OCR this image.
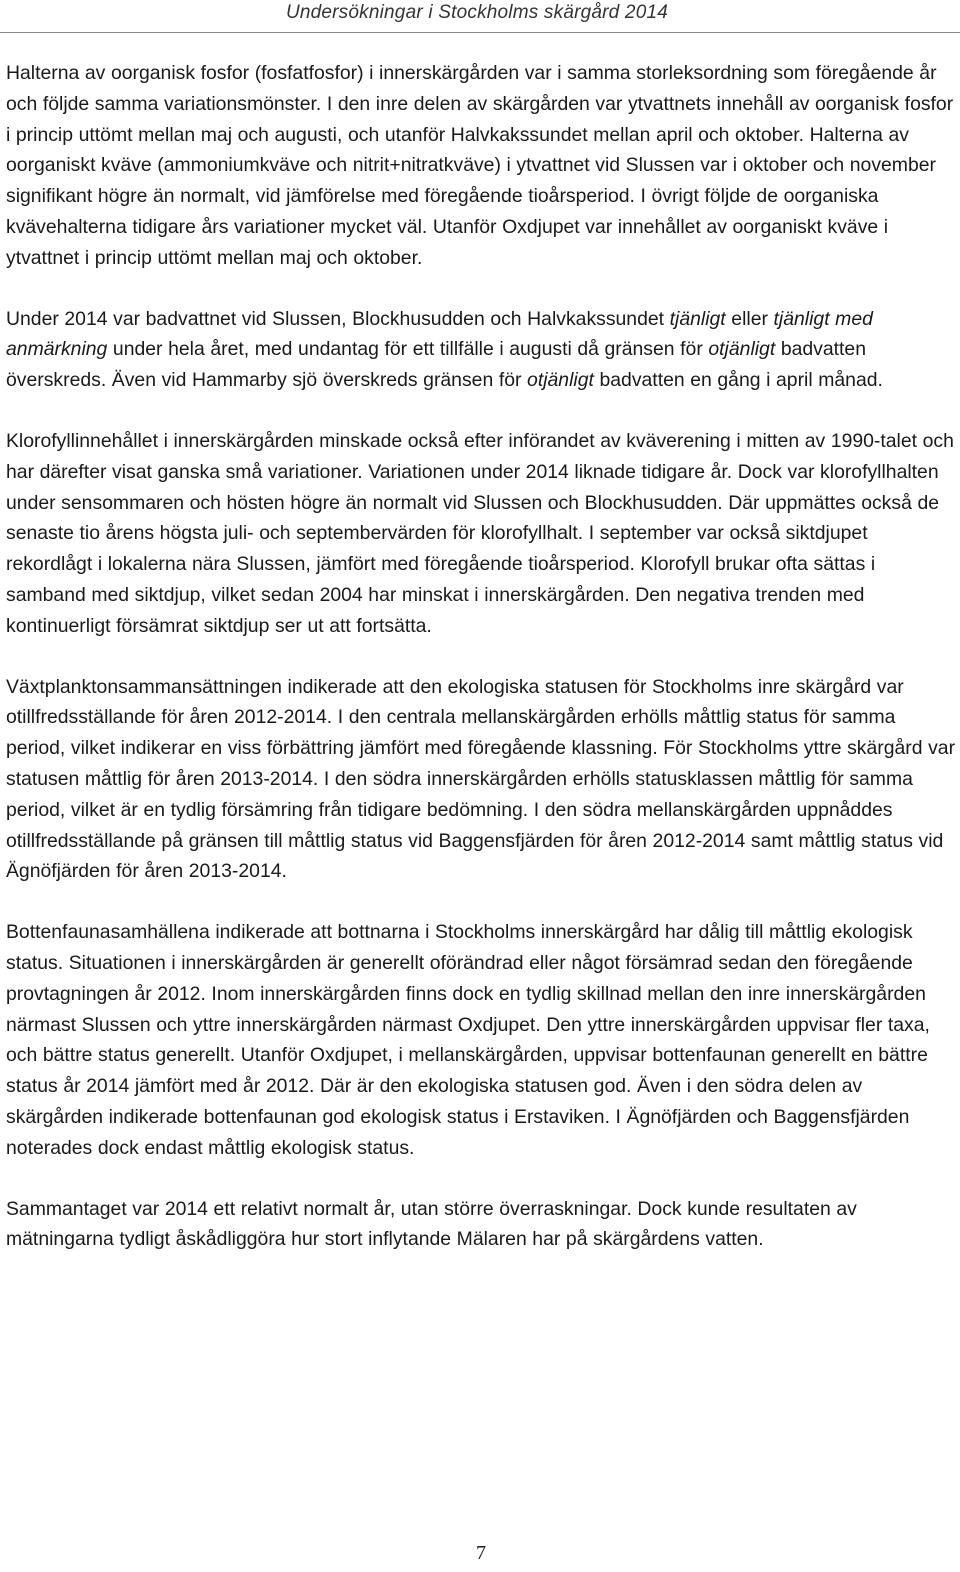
Undersökningar i Stockholms skärgård 2014

Halterna av oorganisk fosfor (fosfatfosfor) i innerskärgården var i samma storleksordning som föregående år och följde samma variationsmönster. I den inre delen av skärgården var ytvattnets innehåll av oorganisk fosfor i princip uttömt mellan maj och augusti, och utanför Halvkakssundet mellan april och oktober. Halterna av oorganiskt kväve (ammoniumkväve och nitrit+nitratkväve) i ytvattnet vid Slussen var i oktober och november signifikant högre än normalt, vid jämförelse med föregående tioårsperiod. I övrigt följde de oorganiska kvävehalterna tidigare års variationer mycket väl. Utanför Oxdjupet var innehållet av oorganiskt kväve i ytvattnet i princip uttömt mellan maj och oktober.

Under 2014 var badvattnet vid Slussen, Blockhusudden och Halvkakssundet tjänligt eller tjänligt med anmärkning under hela året, med undantag för ett tillfälle i augusti då gränsen för otjänligt badvatten överskreds. Även vid Hammarby sjö överskreds gränsen för otjänligt badvatten en gång i april månad.

Klorofyllinnehållet i innerskärgården minskade också efter införandet av kväverening i mitten av 1990-talet och har därefter visat ganska små variationer. Variationen under 2014 liknade tidigare år. Dock var klorofyllhalten under sensommaren och hösten högre än normalt vid Slussen och Blockhusudden. Där uppmättes också de senaste tio årens högsta juli- och septembervärden för klorofyllhalt. I september var också siktdjupet rekordlågt i lokalerna nära Slussen, jämfört med föregående tioårsperiod. Klorofyll brukar ofta sättas i samband med siktdjup, vilket sedan 2004 har minskat i innerskärgården. Den negativa trenden med kontinuerligt försämrat siktdjup ser ut att fortsätta.

Växtplanktonsammansättningen indikerade att den ekologiska statusen för Stockholms inre skärgård var otillfredsställande för åren 2012-2014. I den centrala mellanskärgården erhölls måttlig status för samma period, vilket indikerar en viss förbättring jämfört med föregående klassning. För Stockholms yttre skärgård var statusen måttlig för åren 2013-2014. I den södra innerskärgården erhölls statusklassen måttlig för samma period, vilket är en tydlig försämring från tidigare bedömning. I den södra mellanskärgården uppnåddes otillfredsställande på gränsen till måttlig status vid Baggensfjärden för åren 2012-2014 samt måttlig status vid Ägnöfjärden för åren 2013-2014.

Bottenfaunasamhällena indikerade att bottnarna i Stockholms innerskärgård har dålig till måttlig ekologisk status. Situationen i innerskärgården är generellt oförändrad eller något försämrad sedan den föregående provtagningen år 2012. Inom innerskärgården finns dock en tydlig skillnad mellan den inre innerskärgården närmast Slussen och yttre innerskärgården närmast Oxdjupet. Den yttre innerskärgården uppvisar fler taxa, och bättre status generellt. Utanför Oxdjupet, i mellanskärgården, uppvisar bottenfaunan generellt en bättre status år 2014 jämfört med år 2012. Där är den ekologiska statusen god. Även i den södra delen av skärgården indikerade bottenfaunan god ekologisk status i Erstaviken. I Ägnöfjärden och Baggensfjärden noterades dock endast måttlig ekologisk status.

Sammantaget var 2014 ett relativt normalt år, utan större överraskningar. Dock kunde resultaten av mätningarna tydligt åskådliggöra hur stort inflytande Mälaren har på skärgårdens vatten.

7
